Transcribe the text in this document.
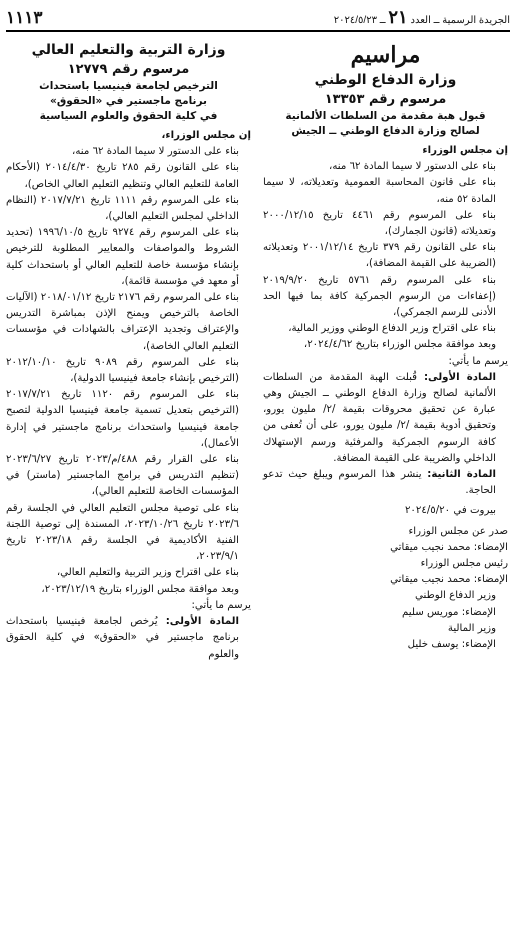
الجريدة الرسمية ــ العدد ٢١ ــ ٢٠٢٤/٥/٢٣
١١١٣
مراسيم
وزارة الدفاع الوطني
مرسوم رقم ١٣٣٥٣
قبول هبة مقدمة من السلطات الألمانية
لصالح وزارة الدفاع الوطني ــ الجيش

إن مجلس الوزراء

بناء على الدستور لا سيما المادة ٦٢ منه،

بناء على قانون المحاسبة العمومية وتعديلاته، لا سيما المادة ٥٢ منه،

بناء على المرسوم رقم ٤٤٦١ تاريخ ٢٠٠٠/١٢/١٥ وتعديلاته (قانون الجمارك)،

بناء على القانون رقم ٣٧٩ تاريخ ٢٠٠١/١٢/١٤ وتعديلاته (الضريبة على القيمة المضافة)،

بناء على المرسوم رقم ٥٧٦١ تاريخ ٢٠١٩/٩/٢٠ (إعفاءات من الرسوم الجمركية كافة بما فيها الحد الأدنى للرسم الجمركي)،

بناء على اقتراح وزير الدفاع الوطني ووزير المالية،

وبعد موافقة مجلس الوزراء بتاريخ ٢٠٢٤/٤/٦٢،

يرسم ما يأتي:

المادة الأولى: قُبلت الهبة المقدمة من السلطات الألمانية لصالح وزارة الدفاع الوطني ــ الجيش وهي عبارة عن تحقيق محروقات بقيمة /٢/ مليون يورو، وتحقيق أدوية بقيمة /٢/ مليون يورو، على أن تُعفى من كافة الرسوم الجمركية والمرفئية ورسم الإستهلاك الداخلي والضريبة على القيمة المضافة.

المادة الثانية: ينشر هذا المرسوم ويبلغ حيث تدعو الحاجة.

بيروت في ٢٠٢٤/٥/٢٠

صدر عن مجلس الوزراء

الإمضاء: محمد نجيب ميقاتي

رئيس مجلس الوزراء

الإمضاء: محمد نجيب ميقاتي

وزير الدفاع الوطني

الإمضاء: موريس سليم

وزير المالية

الإمضاء: يوسف خليل

وزارة التربية والتعليم العالي
مرسوم رقم ١٢٧٧٩
الترخيص لجامعة فينيسيا باستحداث
برنامج ماجستير في «الحقوق»
في كلية الحقوق والعلوم السياسية

إن مجلس الوزراء،

بناء على الدستور لا سيما المادة ٦٢ منه،

بناء على القانون رقم ٢٨٥ تاريخ ٢٠١٤/٤/٣٠ (الأحكام العامة للتعليم العالي وتنظيم التعليم العالي الخاص)،

بناء على المرسوم رقم ١١١١ تاريخ ٢٠١٧/٧/٢١ (النظام الداخلي لمجلس التعليم العالي)،

بناء على المرسوم رقم ٩٢٧٤ تاريخ ١٩٩٦/١٠/٥ (تحديد الشروط والمواصفات والمعايير المطلوبة للترخيص بإنشاء مؤسسة خاصة للتعليم العالي أو باستحداث كلية أو معهد في مؤسسة قائمة)،

بناء على المرسوم رقم ٢١٧٦ تاريخ ٢٠١٨/٠١/١٢ (الآليات الخاصة بالترخيص ويمنح الإذن بمباشرة التدريس والإعتراف وتجديد الإعتراف بالشهادات في مؤسسات التعليم العالي الخاصة)،

بناء على المرسوم رقم ٩٠٨٩ تاريخ ٢٠١٢/١٠/١٠ (الترخيص بإنشاء جامعة فينيسيا الدولية)،

بناء على المرسوم رقم ١١٢٠ تاريخ ٢٠١٧/٧/٢١ (الترخيص بتعديل تسمية جامعة فينيسيا الدولية لتصبح جامعة فينيسيا واستحداث برنامج ماجستير في إدارة الأعمال)،

بناء على القرار رقم ٤٨٨/م/٢٠٢٣ تاريخ ٢٠٢٣/٦/٢٧ (تنظيم التدريس في برامج الماجستير (ماستر) في المؤسسات الخاصة للتعليم العالي)،

بناء على توصية مجلس التعليم العالي في الجلسة رقم ٢٠٢٣/٦ تاريخ ٢٠٢٣/١٠/٢٦، المسندة إلى توصية اللجنة الفنية الأكاديمية في الجلسة رقم ٢٠٢٣/١٨ تاريخ ٢٠٢٣/٩/١،

بناء على اقتراح وزير التربية والتعليم العالي،

وبعد موافقة مجلس الوزراء بتاريخ ٢٠٢٣/١٢/١٩،

يرسم ما يأتي:

المادة الأولى: يُرخص لجامعة فينيسيا باستحداث برنامج ماجستير في «الحقوق» في كلية الحقوق والعلوم
